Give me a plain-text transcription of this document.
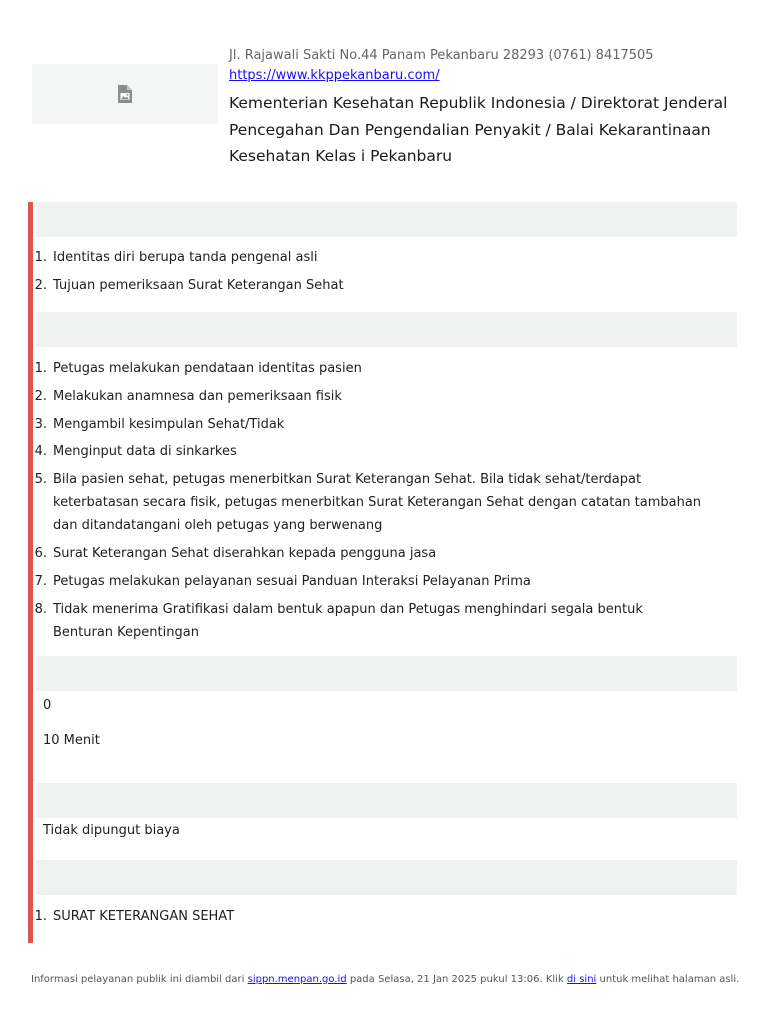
Jl. Rajawali Sakti No.44 Panam Pekanbaru 28293 (0761) 8417505
https://www.kkppekanbaru.com/
Kementerian Kesehatan Republik Indonesia / Direktorat Jenderal Pencegahan Dan Pengendalian Penyakit / Balai Kekarantinaan Kesehatan Kelas i Pekanbaru
1. Identitas diri berupa tanda pengenal asli
2. Tujuan pemeriksaan Surat Keterangan Sehat
1. Petugas melakukan pendataan identitas pasien
2. Melakukan anamnesa dan pemeriksaan fisik
3. Mengambil kesimpulan Sehat/Tidak
4. Menginput data di sinkarkes
5. Bila pasien sehat, petugas menerbitkan Surat Keterangan Sehat. Bila tidak sehat/terdapat keterbatasan secara fisik, petugas menerbitkan Surat Keterangan Sehat dengan catatan tambahan dan ditandatangani oleh petugas yang berwenang
6. Surat Keterangan Sehat diserahkan kepada pengguna jasa
7. Petugas melakukan pelayanan sesuai Panduan Interaksi Pelayanan Prima
8. Tidak menerima Gratifikasi dalam bentuk apapun dan Petugas menghindari segala bentuk Benturan Kepentingan
0
10 Menit
Tidak dipungut biaya
1. SURAT KETERANGAN SEHAT
Informasi pelayanan publik ini diambil dari sippn.menpan.go.id pada Selasa, 21 Jan 2025 pukul 13:06. Klik di sini untuk melihat halaman asli.
